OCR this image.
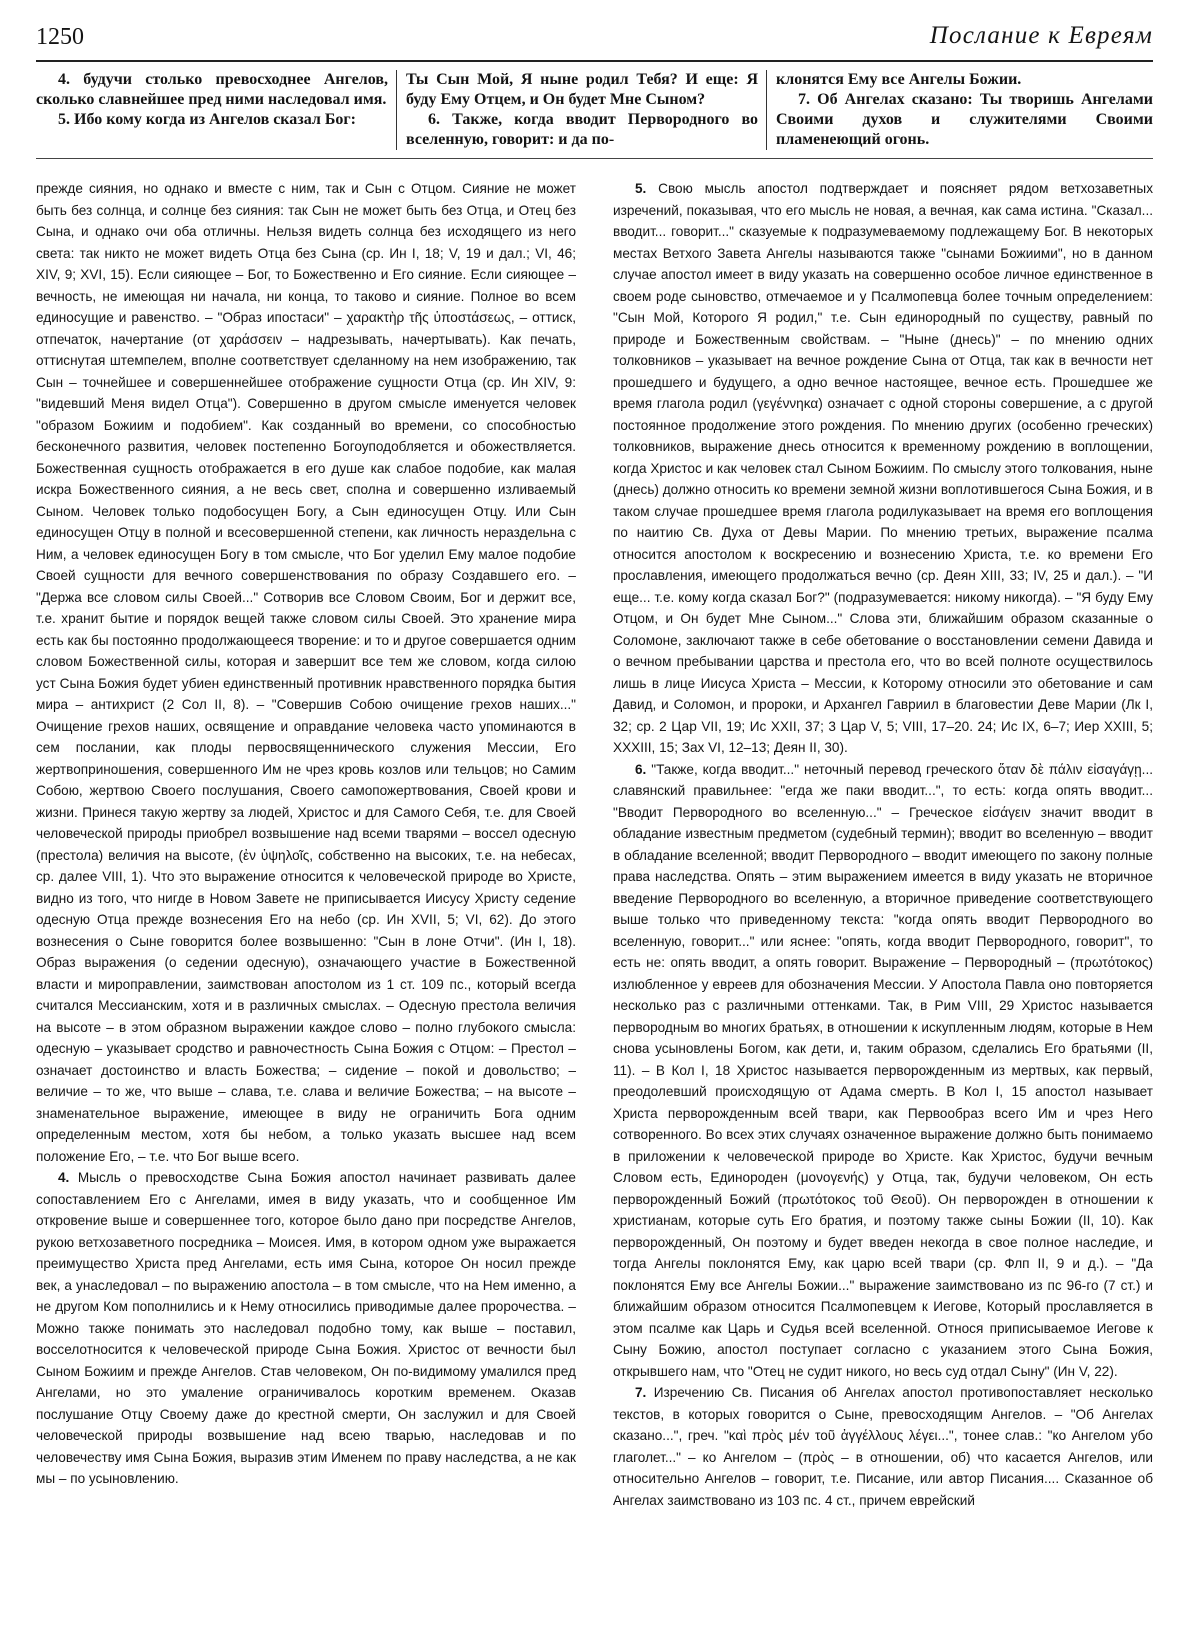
1250	Послание к Евреям

4. будучи столько превосходнее Ангелов, сколько славнейшее пред ними наследовал имя.

5. Ибо кому когда из Ангелов сказал Бог:

Ты Сын Мой, Я ныне родил Тебя? И еще: Я буду Ему Отцем, и Он будет Мне Сыном?

6. Также, когда вводит Первородного во вселенную, говорит: и да по-

клонятся Ему все Ангелы Божии.

7. Об Ангелах сказано: Ты творишь Ангелами Своими духов и служителями Своими пламенеющий огонь.

прежде сияния, но однако и вместе с ним, так и Сын с Отцом. Сияние не может быть без солнца, и солнце без сияния: так Сын не может быть без Отца, и Отец без Сына, и однако очи оба отличны. Нельзя видеть солнца без исходящего из него света: так никто не может видеть Отца без Сына (ср. Ин I, 18; V, 19 и дал.; VI, 46; XIV, 9; XVI, 15). Если сияющее – Бог, то Божественно и Его сияние. Если сияющее – вечность, не имеющая ни начала, ни конца, то таково и сияние. Полное во всем единосущие и равенство. – "Образ ипостаси" – χαρακτὴρ τῆς ὑποστάσεως, – оттиск, отпечаток, начертание (от χαράσσειν – надрезывать, начертывать). Как печать, оттиснутая штемпелем, вполне соответствует сделанному на нем изображению, так Сын – точнейшее и совершеннейшее отображение сущности Отца (ср. Ин XIV, 9: "видевший Меня видел Отца"). Совершенно в другом смысле именуется человек "образом Божиим и подобием". Как созданный во времени, со способностью бесконечного развития, человек постепенно Богоуподобляется и обожествляется. Божественная сущность отображается в его душе как слабое подобие, как малая искра Божественного сияния, а не весь свет, сполна и совершенно изливаемый Сыном. Человек только подобосущен Богу, а Сын единосущен Отцу. Или Сын единосущен Отцу в полной и всесовершенной степени, как личность нераздельна с Ним, а человек единосущен Богу в том смысле, что Бог уделил Ему малое подобие Своей сущности для вечного совершенствования по образу Создавшего его. – "Держа все словом силы Своей..." Сотворив все Словом Своим, Бог и держит все, т.е. хранит бытие и порядок вещей также словом силы Своей. Это хранение мира есть как бы постоянно продолжающееся творение: и то и другое совершается одним словом Божественной силы, которая и завершит все тем же словом, когда силою уст Сына Божия будет убиен единственный противник нравственного порядка бытия мира – антихрист (2 Сол II, 8). – "Совершив Собою очищение грехов наших..." Очищение грехов наших, освящение и оправдание человека часто упоминаются в сем послании, как плоды первосвященнического служения Мессии, Его жертвоприношения, совершенного Им не чрез кровь козлов или тельцов; но Самим Собою, жертвою Своего послушания, Своего самопожертвования, Своей крови и жизни. Принеся такую жертву за людей, Христос и для Самого Себя, т.е. для Своей человеческой природы приобрел возвышение над всеми тварями – воссел одесную (престола) величия на высоте, (ἐν ὑψηλοῖς, собственно на высоких, т.е. на небесах, ср. далее VIII, 1). Что это выражение относится к человеческой природе во Христе, видно из того, что нигде в Новом Завете не приписывается Иисусу Христу седение одесную Отца прежде вознесения Его на небо (ср. Ин XVII, 5; VI, 62). До этого вознесения о Сыне говорится более возвышенно: "Сын в лоне Отчи". (Ин I, 18). Образ выражения (о седении одесную), означающего участие в Божественной власти и мироправлении, заимствован апостолом из 1 ст. 109 пс., который всегда считался Мессианским, хотя и в различных смыслах. – Одесную престола величия на высоте – в этом образном выражении каждое слово – полно глубокого смысла: одесную – указывает сродство и равночестность Сына Божия с Отцом: – Престол – означает достоинство и власть Божества; – сидение – покой и довольство; – величие – то же, что выше – слава, т.е. слава и величие Божества; – на высоте – знаменательное выражение, имеющее в виду не ограничить Бога одним определенным местом, хотя бы небом, а только указать высшее над всем положение Его, – т.е. что Бог выше всего.

4. Мысль о превосходстве Сына Божия апостол начинает развивать далее сопоставлением Его с Ангелами, имея в виду указать, что и сообщенное Им откровение выше и совершеннее того, которое было дано при посредстве Ангелов, рукою ветхозаветного посредника – Моисея. Имя, в котором одном уже выражается преимущество Христа пред Ангелами, есть имя Сына, которое Он носил прежде век, а унаследовал – по выражению апостола – в том смысле, что на Нем именно, а не другом Ком пополнились и к Нему относились приводимые далее пророчества. – Можно также понимать это наследовал подобно тому, как выше – поставил, восселотносится к человеческой природе Сына Божия. Христос от вечности был Сыном Божиим и прежде Ангелов. Став человеком, Он по-видимому умалился пред Ангелами, но это умаление ограничивалось коротким временем. Оказав послушание Отцу Своему даже до крестной смерти, Он заслужил и для Своей человеческой природы возвышение над всею тварью, наследовав и по человечеству имя Сына Божия, выразив этим Именем по праву наследства, а не как мы – по усыновлению.

5. Свою мысль апостол подтверждает и поясняет рядом ветхозаветных изречений, показывая, что его мысль не новая, а вечная, как сама истина. "Сказал... вводит... говорит..." сказуемые к подразумеваемому подлежащему Бог. В некоторых местах Ветхого Завета Ангелы называются также "сынами Божиими", но в данном случае апостол имеет в виду указать на совершенно особое личное единственное в своем роде сыновство, отмечаемое и у Псалмопевца более точным определением: "Сын Мой, Которого Я родил," т.е. Сын единородный по существу, равный по природе и Божественным свойствам. – "Ныне (днесь)" – по мнению одних толковников – указывает на вечное рождение Сына от Отца, так как в вечности нет прошедшего и будущего, а одно вечное настоящее, вечное есть. Прошедшее же время глагола родил (γεγέννηκα) означает с одной стороны совершение, а с другой постоянное продолжение этого рождения. По мнению других (особенно греческих) толковников, выражение днесь относится к временному рождению в воплощении, когда Христос и как человек стал Сыном Божиим. По смыслу этого толкования, ныне (днесь) должно относить ко времени земной жизни воплотившегося Сына Божия, и в таком случае прошедшее время глагола родилуказывает на время его воплощения по наитию Св. Духа от Девы Марии. По мнению третьих, выражение псалма относится апостолом к воскресению и вознесению Христа, т.е. ко времени Его прославления, имеющего продолжаться вечно (ср. Деян XIII, 33; IV, 25 и дал.). – "И еще... т.е. кому когда сказал Бог?" (подразумевается: никому никогда). – "Я буду Ему Отцом, и Он будет Мне Сыном..." Слова эти, ближайшим образом сказанные о Соломоне, заключают также в себе обетование о восстановлении семени Давида и о вечном пребывании царства и престола его, что во всей полноте осуществилось лишь в лице Иисуса Христа – Мессии, к Которому относили это обетование и сам Давид, и Соломон, и пророки, и Архангел Гавриил в благовестии Деве Марии (Лк I, 32; ср. 2 Цар VII, 19; Ис XXII, 37; 3 Цар V, 5; VIII, 17–20. 24; Ис IX, 6–7; Иер XXIII, 5; XXXIII, 15; Зах VI, 12–13; Деян II, 30).

6. "Также, когда вводит..." неточный перевод греческого ὅταν δὲ πάλιν εἰσαγάγῃ... славянский правильнее: "егда же паки вводит...", то есть: когда опять вводит... "Вводит Первородного во вселенную..." – Греческое εἰσάγειν значит вводит в обладание известным предметом (судебный термин); вводит во вселенную – вводит в обладание вселенной; вводит Первородного – вводит имеющего по закону полные права наследства. Опять – этим выражением имеется в виду указать не вторичное введение Первородного во вселенную, а вторичное приведение соответствующего выше только что приведенному текста: "когда опять вводит Первородного во вселенную, говорит..." или яснее: "опять, когда вводит Первородного, говорит", то есть не: опять вводит, а опять говорит. Выражение – Первородный – (πρωτότοκος) излюбленное у евреев для обозначения Мессии. У Апостола Павла оно повторяется несколько раз с различными оттенками. Так, в Рим VIII, 29 Христос называется первородным во многих братьях, в отношении к искупленным людям, которые в Нем снова усыновлены Богом, как дети, и, таким образом, сделались Его братьями (II, 11). – В Кол I, 18 Христос называется перворожденным из мертвых, как первый, преодолевший происходящую от Адама смерть. В Кол I, 15 апостол называет Христа перворожденным всей твари, как Первообраз всего Им и чрез Него сотворенного. Во всех этих случаях означенное выражение должно быть понимаемо в приложении к человеческой природе во Христе. Как Христос, будучи вечным Словом есть, Единороден (μονογενής) у Отца, так, будучи человеком, Он есть перворожденный Божий (πρωτότοκος τοῦ Θεοῦ). Он перворожден в отношении к христианам, которые суть Его братия, и поэтому также сыны Божии (II, 10). Как перворожденный, Он поэтому и будет введен некогда в свое полное наследие, и тогда Ангелы поклонятся Ему, как царю всей твари (ср. Флп II, 9 и д.). – "Да поклонятся Ему все Ангелы Божии..." выражение заимствовано из пс 96-го (7 ст.) и ближайшим образом относится Псалмопевцем к Иегове, Который прославляется в этом псалме как Царь и Судья всей вселенной. Относя приписываемое Иегове к Сыну Божию, апостол поступает согласно с указанием этого Сына Божия, открывшего нам, что "Отец не судит никого, но весь суд отдал Сыну" (Ин V, 22).

7. Изречению Св. Писания об Ангелах апостол противопоставляет несколько текстов, в которых говорится о Сыне, превосходящим Ангелов. – "Об Ангелах сказано...", греч. "καὶ πρὸς μέν τοῦ ἀγγέλλους λέγει...", тонее слав.: "ко Ангелом убо глаголет..." – ко Ангелом – (πρὸς – в отношении, об) что касается Ангелов, или относительно Ангелов – говорит, т.е. Писание, или автор Писания.... Сказанное об Ангелах заимствовано из 103 пс. 4 ст., причем еврейский
